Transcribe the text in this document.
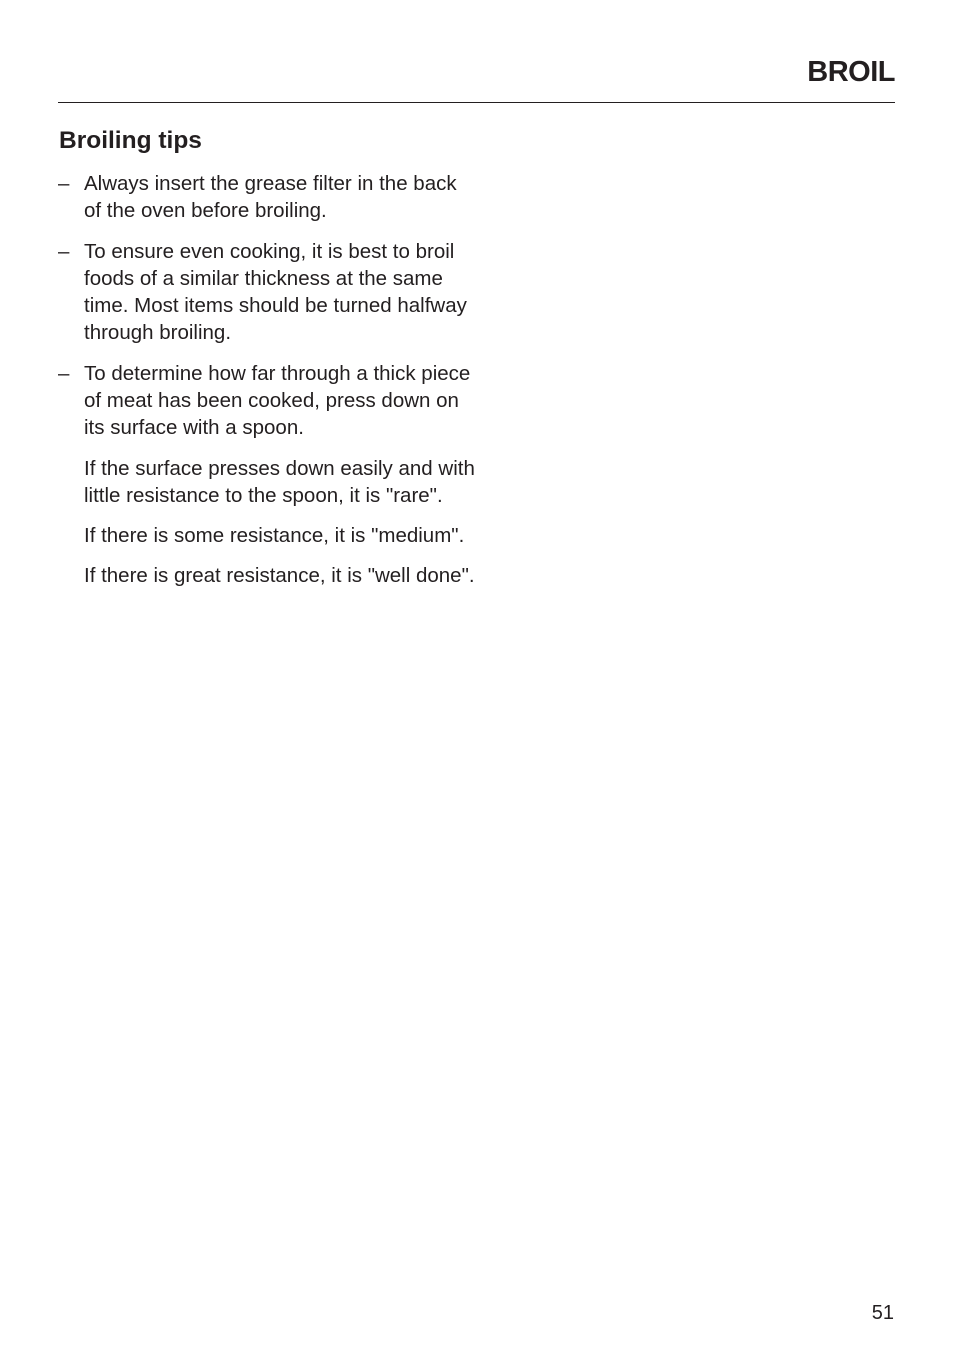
BROIL
Broiling tips
– Always insert the grease filter in the back of the oven before broiling.
– To ensure even cooking, it is best to broil foods of a similar thickness at the same time. Most items should be turned halfway through broiling.
– To determine how far through a thick piece of meat has been cooked, press down on its surface with a spoon.

If the surface presses down easily and with little resistance to the spoon, it is "rare".

If there is some resistance, it is "medium".

If there is great resistance, it is "well done".

51
